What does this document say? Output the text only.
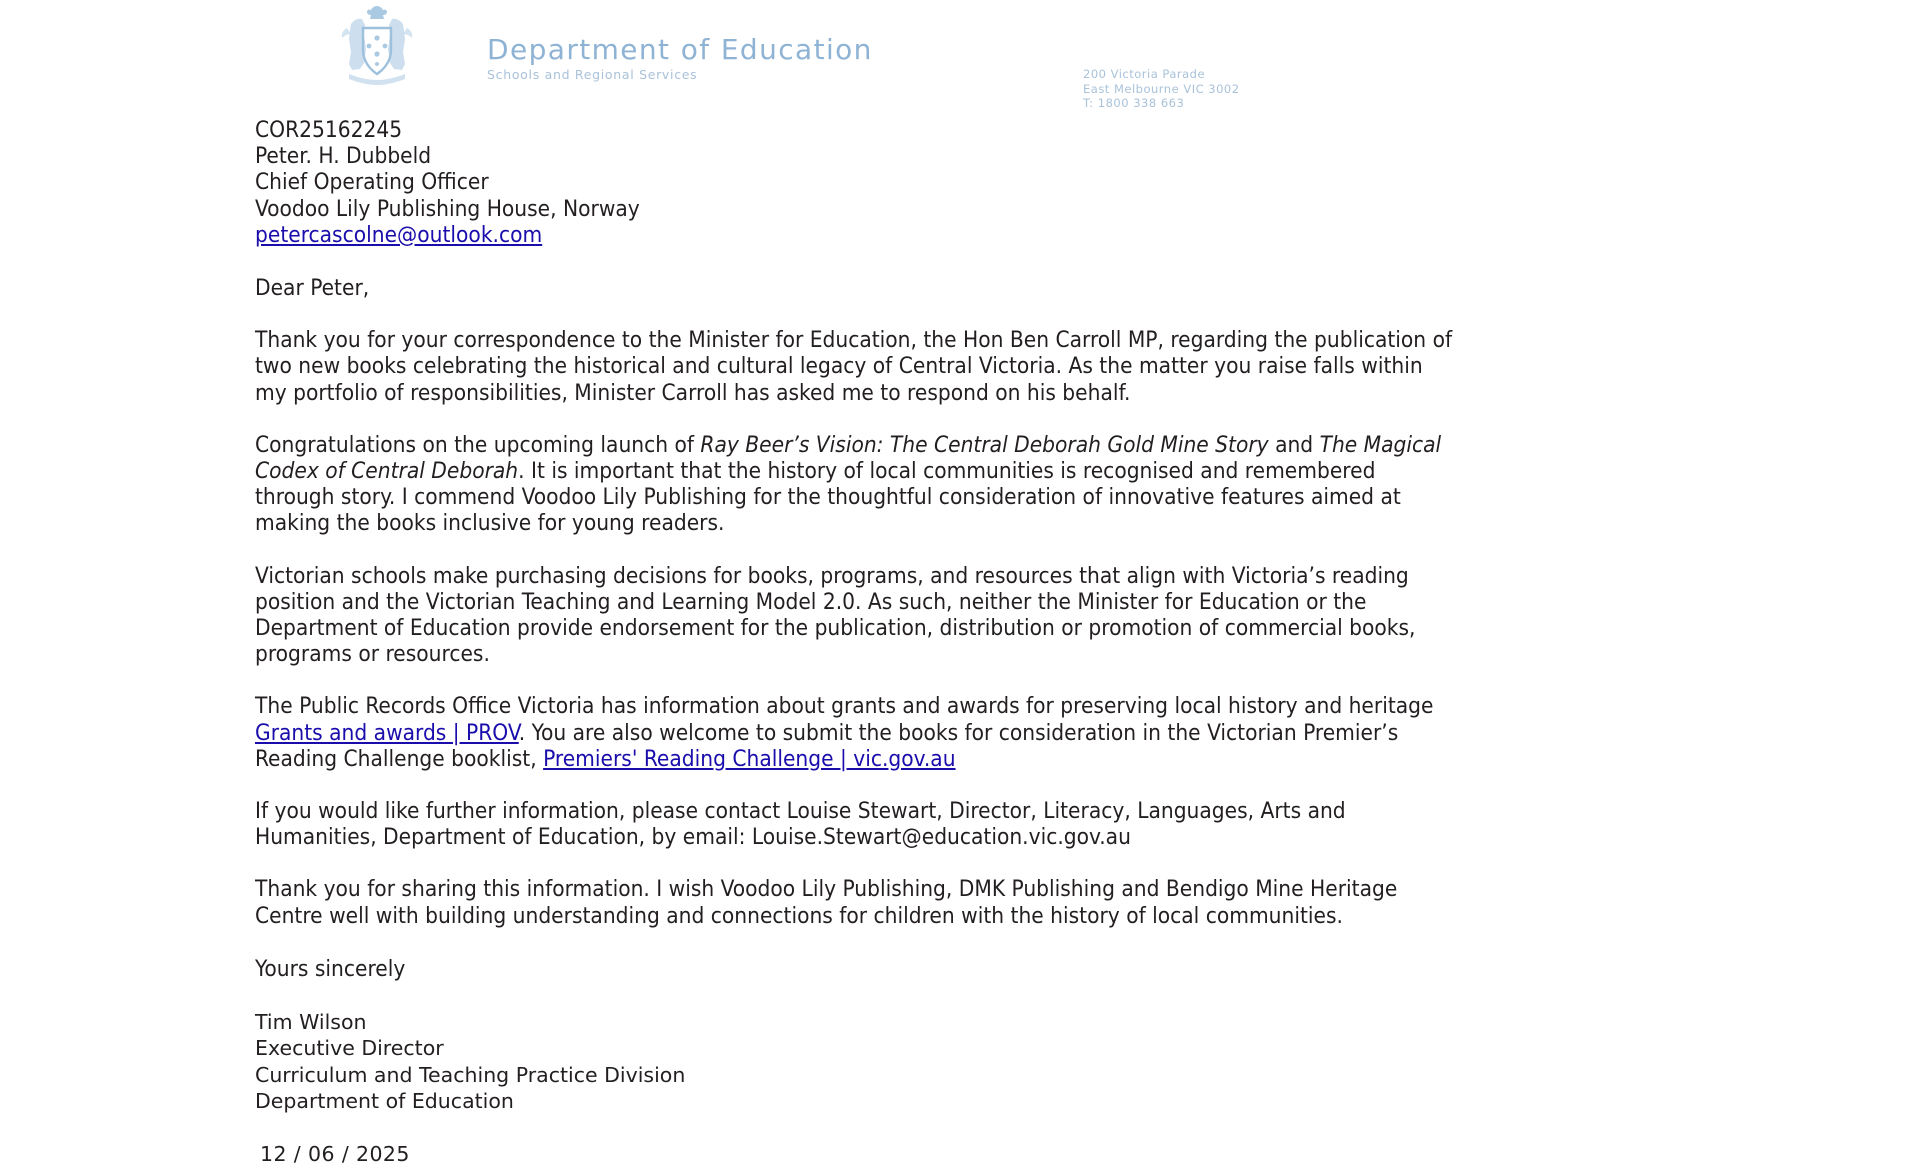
Department of Education
Schools and Regional Services	200 Victoria Parade
East Melbourne VIC 3002
T: 1800 338 663
COR25162245
Peter. H. Dubbeld
Chief Operating Officer
Voodoo Lily Publishing House, Norway
petercascolne@outlook.com
Dear Peter,

Thank you for your correspondence to the Minister for Education, the Hon Ben Carroll MP, regarding the publication of two new books celebrating the historical and cultural legacy of Central Victoria. As the matter you raise falls within my portfolio of responsibilities, Minister Carroll has asked me to respond on his behalf.

Congratulations on the upcoming launch of Ray Beer’s Vision: The Central Deborah Gold Mine Story and The Magical Codex of Central Deborah. It is important that the history of local communities is recognised and remembered through story. I commend Voodoo Lily Publishing for the thoughtful consideration of innovative features aimed at making the books inclusive for young readers.

Victorian schools make purchasing decisions for books, programs, and resources that align with Victoria’s reading position and the Victorian Teaching and Learning Model 2.0. As such, neither the Minister for Education or the Department of Education provide endorsement for the publication, distribution or promotion of commercial books, programs or resources.

The Public Records Office Victoria has information about grants and awards for preserving local history and heritage Grants and awards | PROV. You are also welcome to submit the books for consideration in the Victorian Premier’s Reading Challenge booklist, Premiers' Reading Challenge | vic.gov.au

If you would like further information, please contact Louise Stewart, Director, Literacy, Languages, Arts and Humanities, Department of Education, by email: Louise.Stewart@education.vic.gov.au

Thank you for sharing this information. I wish Voodoo Lily Publishing, DMK Publishing and Bendigo Mine Heritage Centre well with building understanding and connections for children with the history of local communities.

Yours sincerely
Tim Wilson
Executive Director
Curriculum and Teaching Practice Division
Department of Education
12 / 06 / 2025
